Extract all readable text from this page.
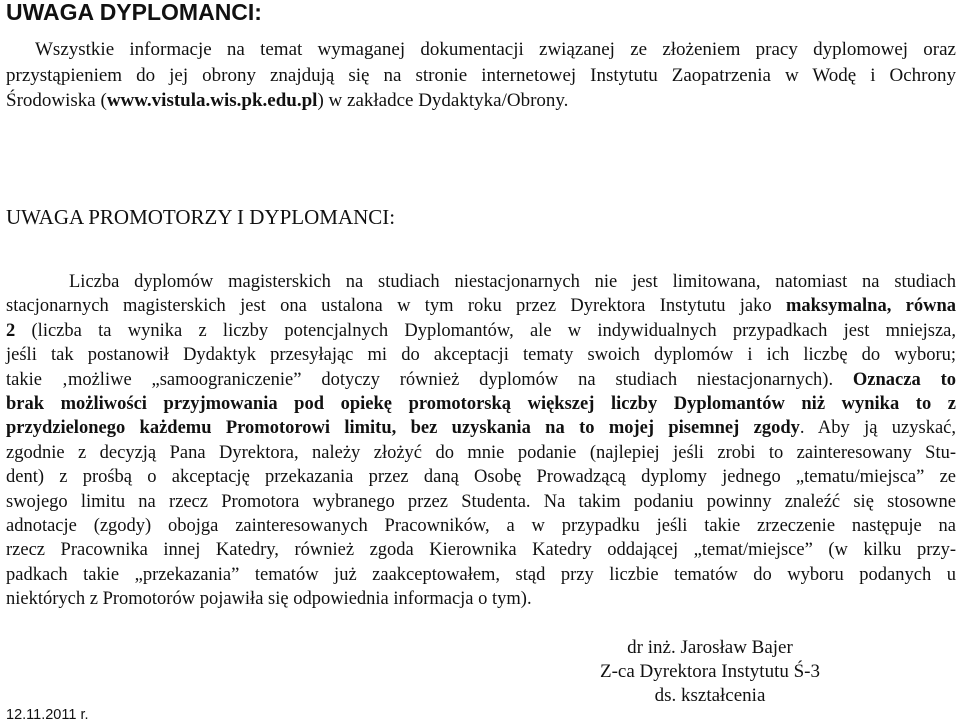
UWAGA DYPLOMANCI:
Wszystkie informacje na temat wymaganej dokumentacji związanej ze złożeniem pracy dyplomowej oraz
przystąpieniem do jej obrony znajdują się na stronie internetowej Instytutu Zaopatrzenia w Wodę i Ochrony
Środowiska (www.vistula.wis.pk.edu.pl) w zakładce Dydaktyka/Obrony.
UWAGA PROMOTORZY I DYPLOMANCI:
Liczba dyplomów magisterskich na studiach niestacjonarnych nie jest limitowana, natomiast na studiach
stacjonarnych magisterskich jest ona ustalona w tym roku przez Dyrektora Instytutu jako maksymalna, równa
2 (liczba ta wynika z liczby potencjalnych Dyplomantów, ale w indywidualnych przypadkach jest mniejsza,
jeśli tak postanowił Dydaktyk przesyłając mi do akceptacji tematy swoich dyplomów i ich liczbę do wyboru;
takie ‚możliwe „samoograniczenie” dotyczy również dyplomów na studiach niestacjonarnych). Oznacza to
brak możliwości przyjmowania pod opiekę promotorską większej liczby Dyplomantów niż wynika to z
przydzielonego każdemu Promotorowi limitu, bez uzyskania na to mojej pisemnej zgody. Aby ją uzyskać,
zgodnie z decyzją Pana Dyrektora, należy złożyć do mnie podanie (najlepiej jeśli zrobi to zainteresowany Stu-
dent) z prośbą o akceptację przekazania przez daną Osobę Prowadzącą dyplomy jednego „tematu/miejsca” ze
swojego limitu na rzecz Promotora wybranego przez Studenta. Na takim podaniu powinny znaleźć się stosowne
adnotacje (zgody) obojga zainteresowanych Pracowników, a w przypadku jeśli takie zrzeczenie następuje na
rzecz Pracownika innej Katedry, również zgoda Kierownika Katedry oddającej „temat/miejsce” (w kilku przy-
padkach takie „przekazania” tematów już zaakceptowałem, stąd przy liczbie tematów do wyboru podanych u
niektórych z Promotorów pojawiła się odpowiednia informacja o tym).
dr inż. Jarosław Bajer
Z-ca Dyrektora Instytutu Ś-3
ds. kształcenia
12.11.2011 r.
